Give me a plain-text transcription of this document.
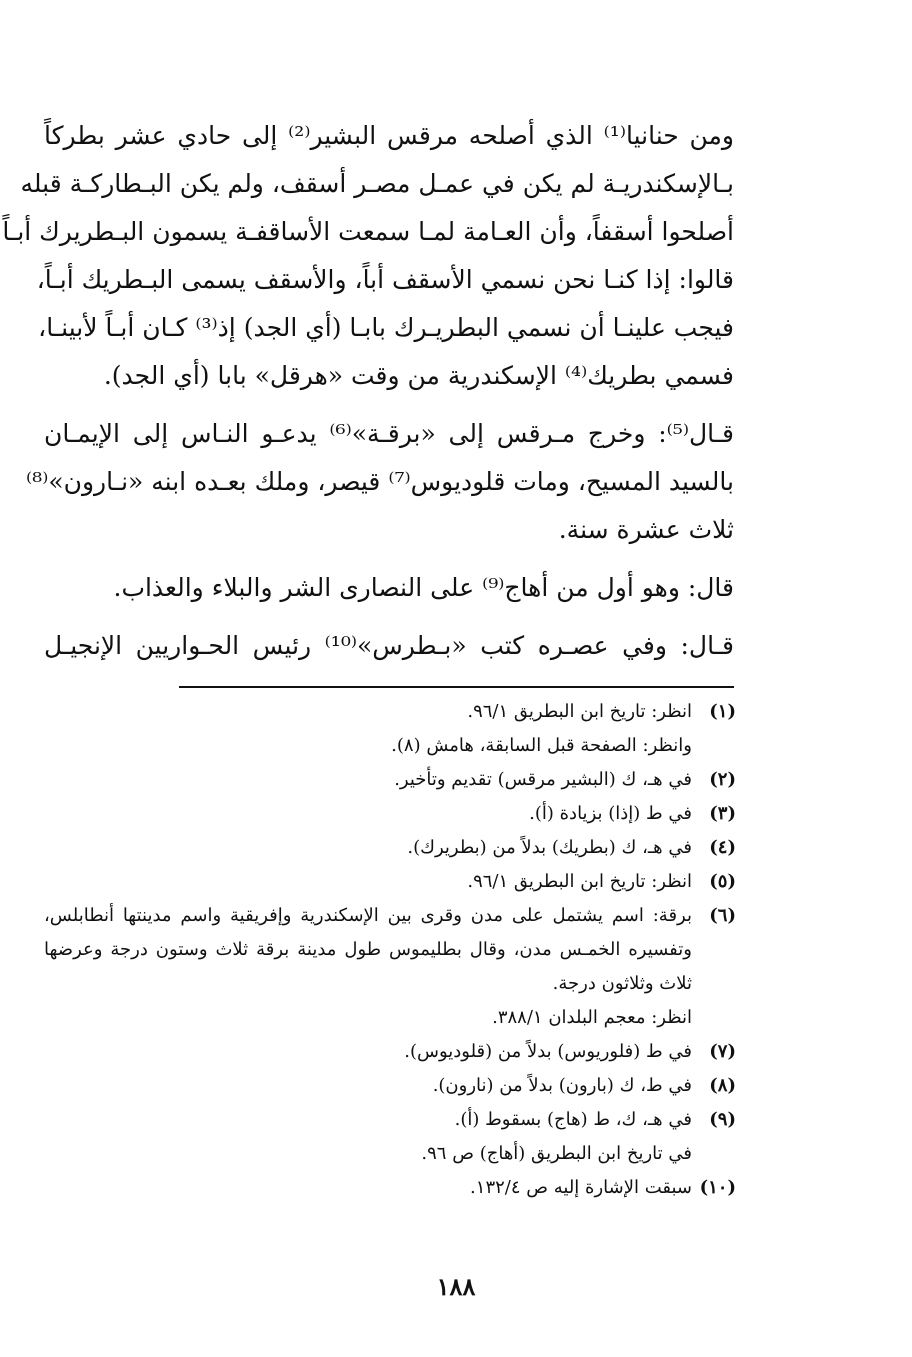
ومن حنانيا⁽¹⁾ الذي أصلحه مرقس البشير⁽²⁾ إلى حادي عشر بطركاً
بـالإسكندريـة لم يكن في عمـل مصـر أسقف، ولم يكن البـطاركـة قبله
أصلحوا أسقفاً، وأن العـامة لمـا سمعت الأساقفـة يسمون البـطريرك أبـاً
قالوا: إذا كنـا نحن نسمي الأسقف أباً، والأسقف يسمى البـطريك أبـاً،
فيجب علينـا أن نسمي البطريـرك بابـا (أي الجد) إذ⁽³⁾ كـان أبـاً لأبينـا،
فسمي بطريك⁽⁴⁾ الإسكندرية من وقت «هرقل» بابا (أي الجد).
قـال⁽⁵⁾: وخرج مـرقس إلى «برقـة»⁽⁶⁾ يدعـو النـاس إلى الإيمـان
بالسيد المسيح، ومات قلوديوس⁽⁷⁾ قيصر، وملك بعـده ابنه «نـارون»⁽⁸⁾
ثلاث عشرة سنة.
قال: وهو أول من أهاج⁽⁹⁾ على النصارى الشر والبلاء والعذاب.
قـال: وفي عصـره كتب «بـطرس»⁽¹⁰⁾ رئيس الحـواريين الإنجيـل
(١)
انظر: تاريخ ابن البطريق ٩٦/١.
وانظر: الصفحة قبل السابقة، هامش (٨).
(٢)
في هـ، ك (البشير مرقس) تقديم وتأخير.
(٣)
في ط (إذا) بزيادة (أ).
(٤)
في هـ، ك (بطريك) بدلاً من (بطريرك).
(٥)
انظر: تاريخ ابن البطريق ٩٦/١.
(٦)
برقة: اسم يشتمل على مدن وقرى بين الإسكندرية وإفريقية واسم مدينتها أنطابلس،
وتفسيره الخمـس مدن، وقال بطليموس طول مدينة برقة ثلاث وستون درجة وعرضها
ثلاث وثلاثون درجة.
انظر: معجم البلدان ٣٨٨/١.
(٧)
في ط (فلوريوس) بدلاً من (قلوديوس).
(٨)
في ط، ك (بارون) بدلاً من (نارون).
(٩)
في هـ، ك، ط (هاج) بسقوط (أ).
في تاريخ ابن البطريق (أهاج) ص ٩٦.
(١٠)
سبقت الإشارة إليه ص ١٣٢/٤.
١٨٨
